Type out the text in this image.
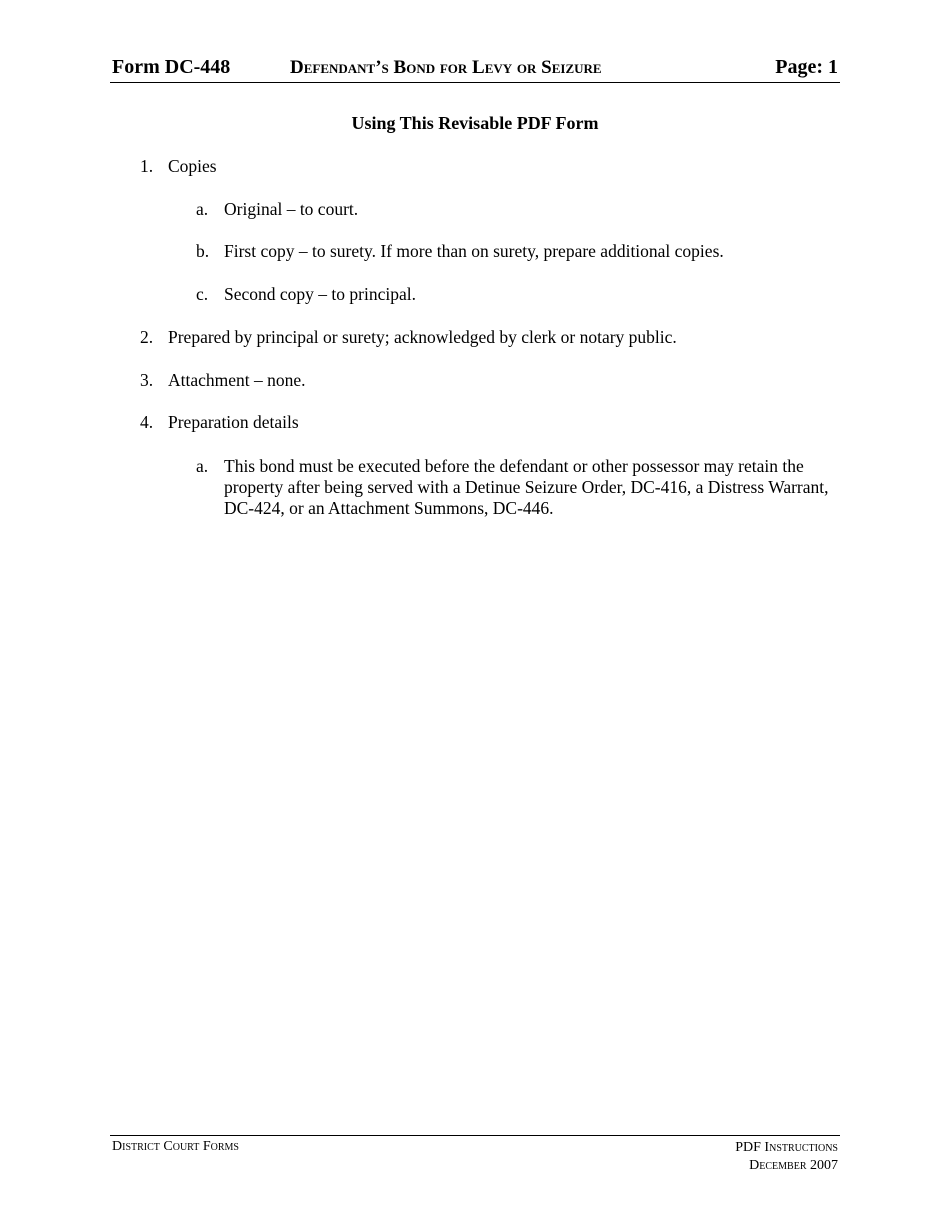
Form DC-448	Defendant’s Bond for Levy or Seizure	Page: 1
Using This Revisable PDF Form
1. Copies
a. Original – to court.
b. First copy – to surety. If more than on surety, prepare additional copies.
c. Second copy – to principal.
2. Prepared by principal or surety; acknowledged by clerk or notary public.
3. Attachment – none.
4. Preparation details
a. This bond must be executed before the defendant or other possessor may retain the property after being served with a Detinue Seizure Order, DC-416, a Distress Warrant, DC-424, or an Attachment Summons, DC-446.
District Court Forms	PDF Instructions
December 2007
